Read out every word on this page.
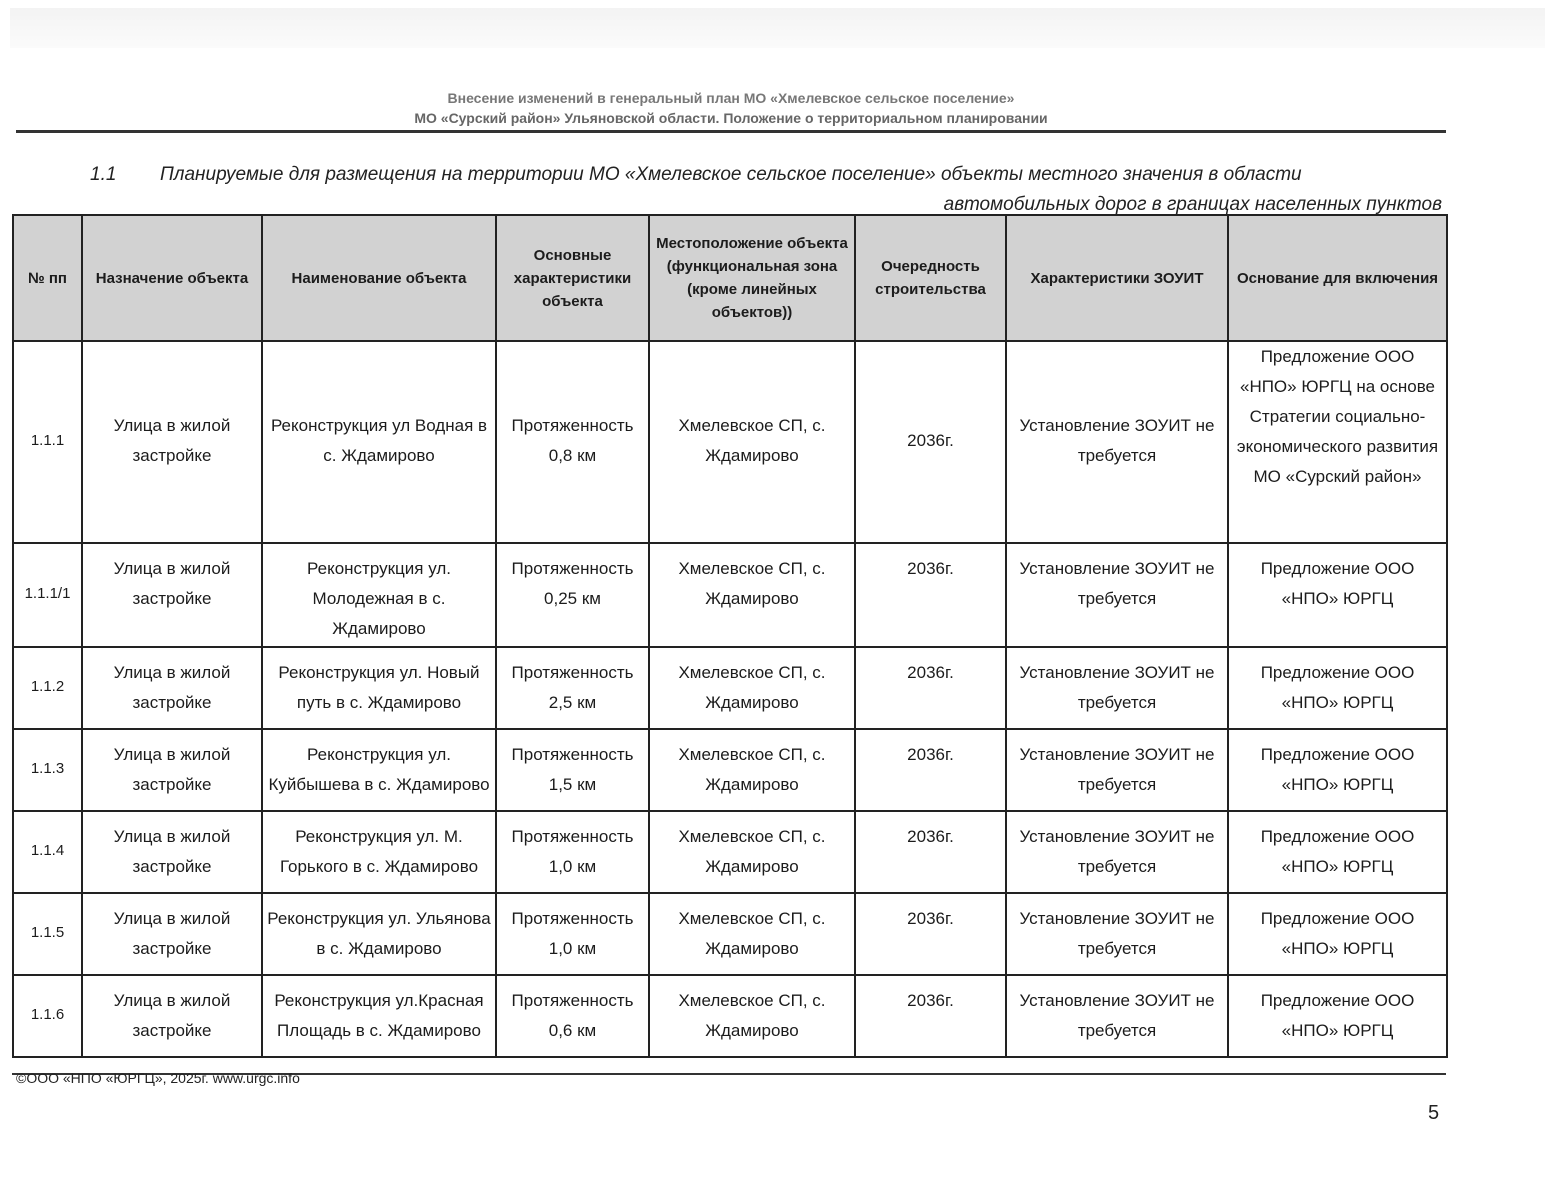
Внесение изменений в генеральный план МО «Хмелевское сельское поселение»
МО «Сурский район» Ульяновской области. Положение о территориальном планировании
1.1 Планируемые для размещения на территории МО «Хмелевское сельское поселение» объекты местного значения в области
автомобильных дорог в границах населенных пунктов
№ пп	Назначение объекта	Наименование объекта	Основные характеристики объекта	Местоположение объекта (функциональная зона (кроме линейных объектов))	Очередность строительства	Характеристики ЗОУИТ	Основание для включения
1.1.1	Улица в жилой застройке	Реконструкция ул Водная в с. Ждамирово	Протяженность 0,8 км	Хмелевское СП, с. Ждамирово	2036г.	Установление ЗОУИТ не требуется	Предложение ООО «НПО» ЮРГЦ на основе Стратегии социально-экономического развития МО «Сурский район»
1.1.1/1	Улица в жилой застройке	Реконструкция ул. Молодежная в с. Ждамирово	Протяженность 0,25 км	Хмелевское СП, с. Ждамирово	2036г.	Установление ЗОУИТ не требуется	Предложение ООО «НПО» ЮРГЦ
1.1.2	Улица в жилой застройке	Реконструкция ул. Новый путь в с. Ждамирово	Протяженность 2,5 км	Хмелевское СП, с. Ждамирово	2036г.	Установление ЗОУИТ не требуется	Предложение ООО «НПО» ЮРГЦ
1.1.3	Улица в жилой застройке	Реконструкция ул. Куйбышева в с. Ждамирово	Протяженность 1,5 км	Хмелевское СП, с. Ждамирово	2036г.	Установление ЗОУИТ не требуется	Предложение ООО «НПО» ЮРГЦ
1.1.4	Улица в жилой застройке	Реконструкция ул. М. Горького в с. Ждамирово	Протяженность 1,0 км	Хмелевское СП, с. Ждамирово	2036г.	Установление ЗОУИТ не требуется	Предложение ООО «НПО» ЮРГЦ
1.1.5	Улица в жилой застройке	Реконструкция ул. Ульянова в с. Ждамирово	Протяженность 1,0 км	Хмелевское СП, с. Ждамирово	2036г.	Установление ЗОУИТ не требуется	Предложение ООО «НПО» ЮРГЦ
1.1.6	Улица в жилой застройке	Реконструкция ул.Красная Площадь в с. Ждамирово	Протяженность 0,6 км	Хмелевское СП, с. Ждамирово	2036г.	Установление ЗОУИТ не требуется	Предложение ООО «НПО» ЮРГЦ
©ООО «НПО «ЮРГЦ», 2025г. www.urgc.info
5
